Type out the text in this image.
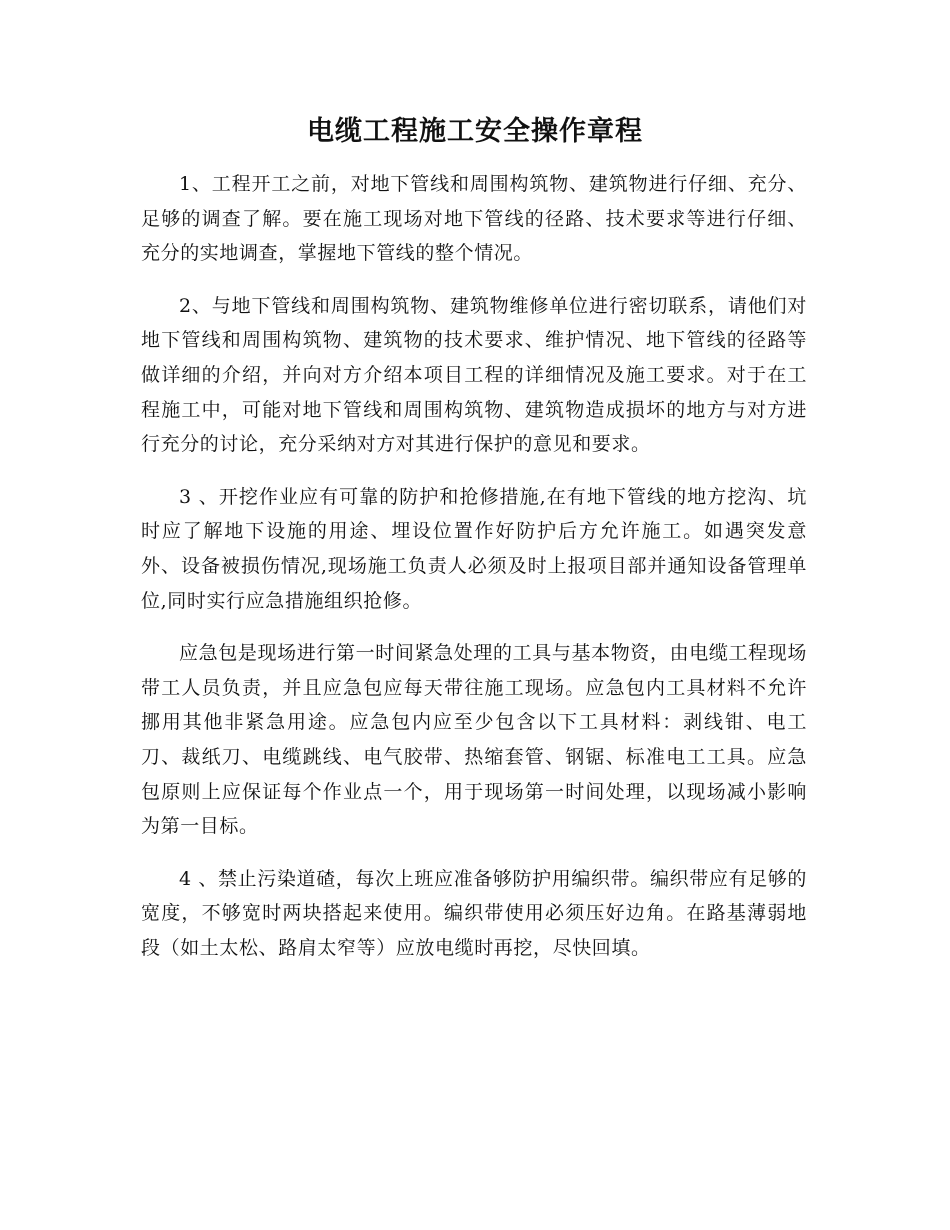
电缆工程施工安全操作章程

1、工程开工之前，对地下管线和周围构筑物、建筑物进行仔细、充分、足够的调查了解。要在施工现场对地下管线的径路、技术要求等进行仔细、充分的实地调查，掌握地下管线的整个情况。

2、与地下管线和周围构筑物、建筑物维修单位进行密切联系，请他们对地下管线和周围构筑物、建筑物的技术要求、维护情况、地下管线的径路等做详细的介绍，并向对方介绍本项目工程的详细情况及施工要求。对于在工程施工中，可能对地下管线和周围构筑物、建筑物造成损坏的地方与对方进行充分的讨论，充分采纳对方对其进行保护的意见和要求。

3 、开挖作业应有可靠的防护和抢修措施,在有地下管线的地方挖沟、坑时应了解地下设施的用途、埋设位置作好防护后方允许施工。如遇突发意外、设备被损伤情况,现场施工负责人必须及时上报项目部并通知设备管理单位,同时实行应急措施组织抢修。

应急包是现场进行第一时间紧急处理的工具与基本物资，由电缆工程现场带工人员负责，并且应急包应每天带往施工现场。应急包内工具材料不允许挪用其他非紧急用途。应急包内应至少包含以下工具材料：剥线钳、电工刀、裁纸刀、电缆跳线、电气胶带、热缩套管、钢锯、标准电工工具。应急包原则上应保证每个作业点一个，用于现场第一时间处理，以现场减小影响为第一目标。

4 、禁止污染道碴，每次上班应准备够防护用编织带。编织带应有足够的宽度，不够宽时两块搭起来使用。编织带使用必须压好边角。在路基薄弱地段（如土太松、路肩太窄等）应放电缆时再挖，尽快回填。
